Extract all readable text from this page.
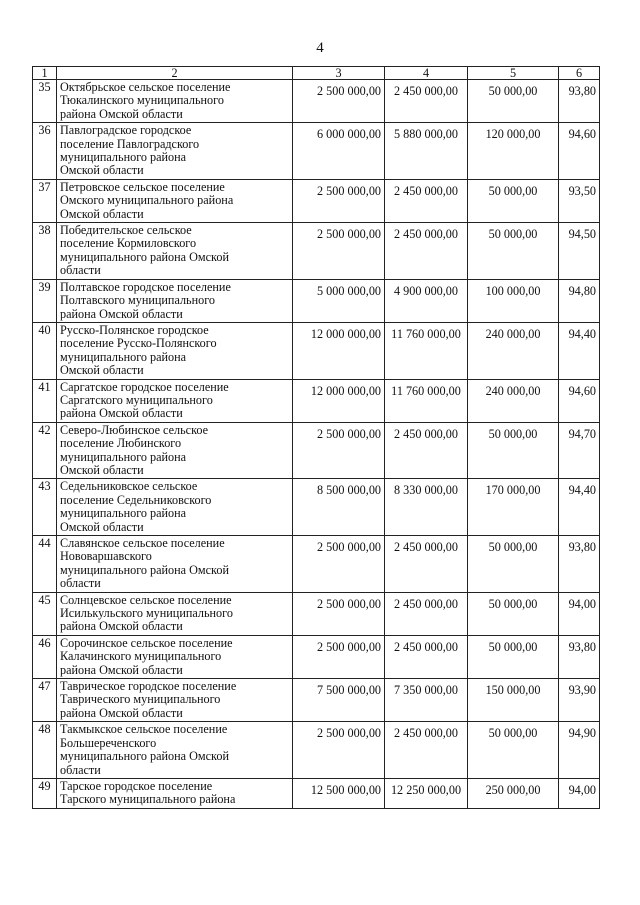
4
1	2	3	4	5	6
35	Октябрьское сельское поселение
Тюкалинского муниципального
района Омской области	2 500 000,00	2 450 000,00	50 000,00	93,80
36	Павлоградское городское
поселение Павлоградского
муниципального района
Омской области	6 000 000,00	5 880 000,00	120 000,00	94,60
37	Петровское сельское поселение
Омского муниципального района
Омской области	2 500 000,00	2 450 000,00	50 000,00	93,50
38	Победительское сельское
поселение Кормиловского
муниципального района Омской
области	2 500 000,00	2 450 000,00	50 000,00	94,50
39	Полтавское городское поселение
Полтавского муниципального
района Омской области	5 000 000,00	4 900 000,00	100 000,00	94,80
40	Русско-Полянское городское
поселение Русско-Полянского
муниципального района
Омской области	12 000 000,00	11 760 000,00	240 000,00	94,40
41	Саргатское городское поселение
Саргатского муниципального
района Омской области	12 000 000,00	11 760 000,00	240 000,00	94,60
42	Северо-Любинское сельское
поселение Любинского
муниципального района
Омской области	2 500 000,00	2 450 000,00	50 000,00	94,70
43	Седельниковское сельское
поселение Седельниковского
муниципального района
Омской области	8 500 000,00	8 330 000,00	170 000,00	94,40
44	Славянское сельское поселение
Нововаршавского
муниципального района Омской
области	2 500 000,00	2 450 000,00	50 000,00	93,80
45	Солнцевское сельское поселение
Исилькульского муниципального
района Омской области	2 500 000,00	2 450 000,00	50 000,00	94,00
46	Сорочинское сельское поселение
Калачинского муниципального
района Омской области	2 500 000,00	2 450 000,00	50 000,00	93,80
47	Таврическое городское поселение
Таврического муниципального
района Омской области	7 500 000,00	7 350 000,00	150 000,00	93,90
48	Такмыкское сельское поселение
Большереченского
муниципального района Омской
области	2 500 000,00	2 450 000,00	50 000,00	94,90
49	Тарское городское поселение
Тарского муниципального района	12 500 000,00	12 250 000,00	250 000,00	94,00
